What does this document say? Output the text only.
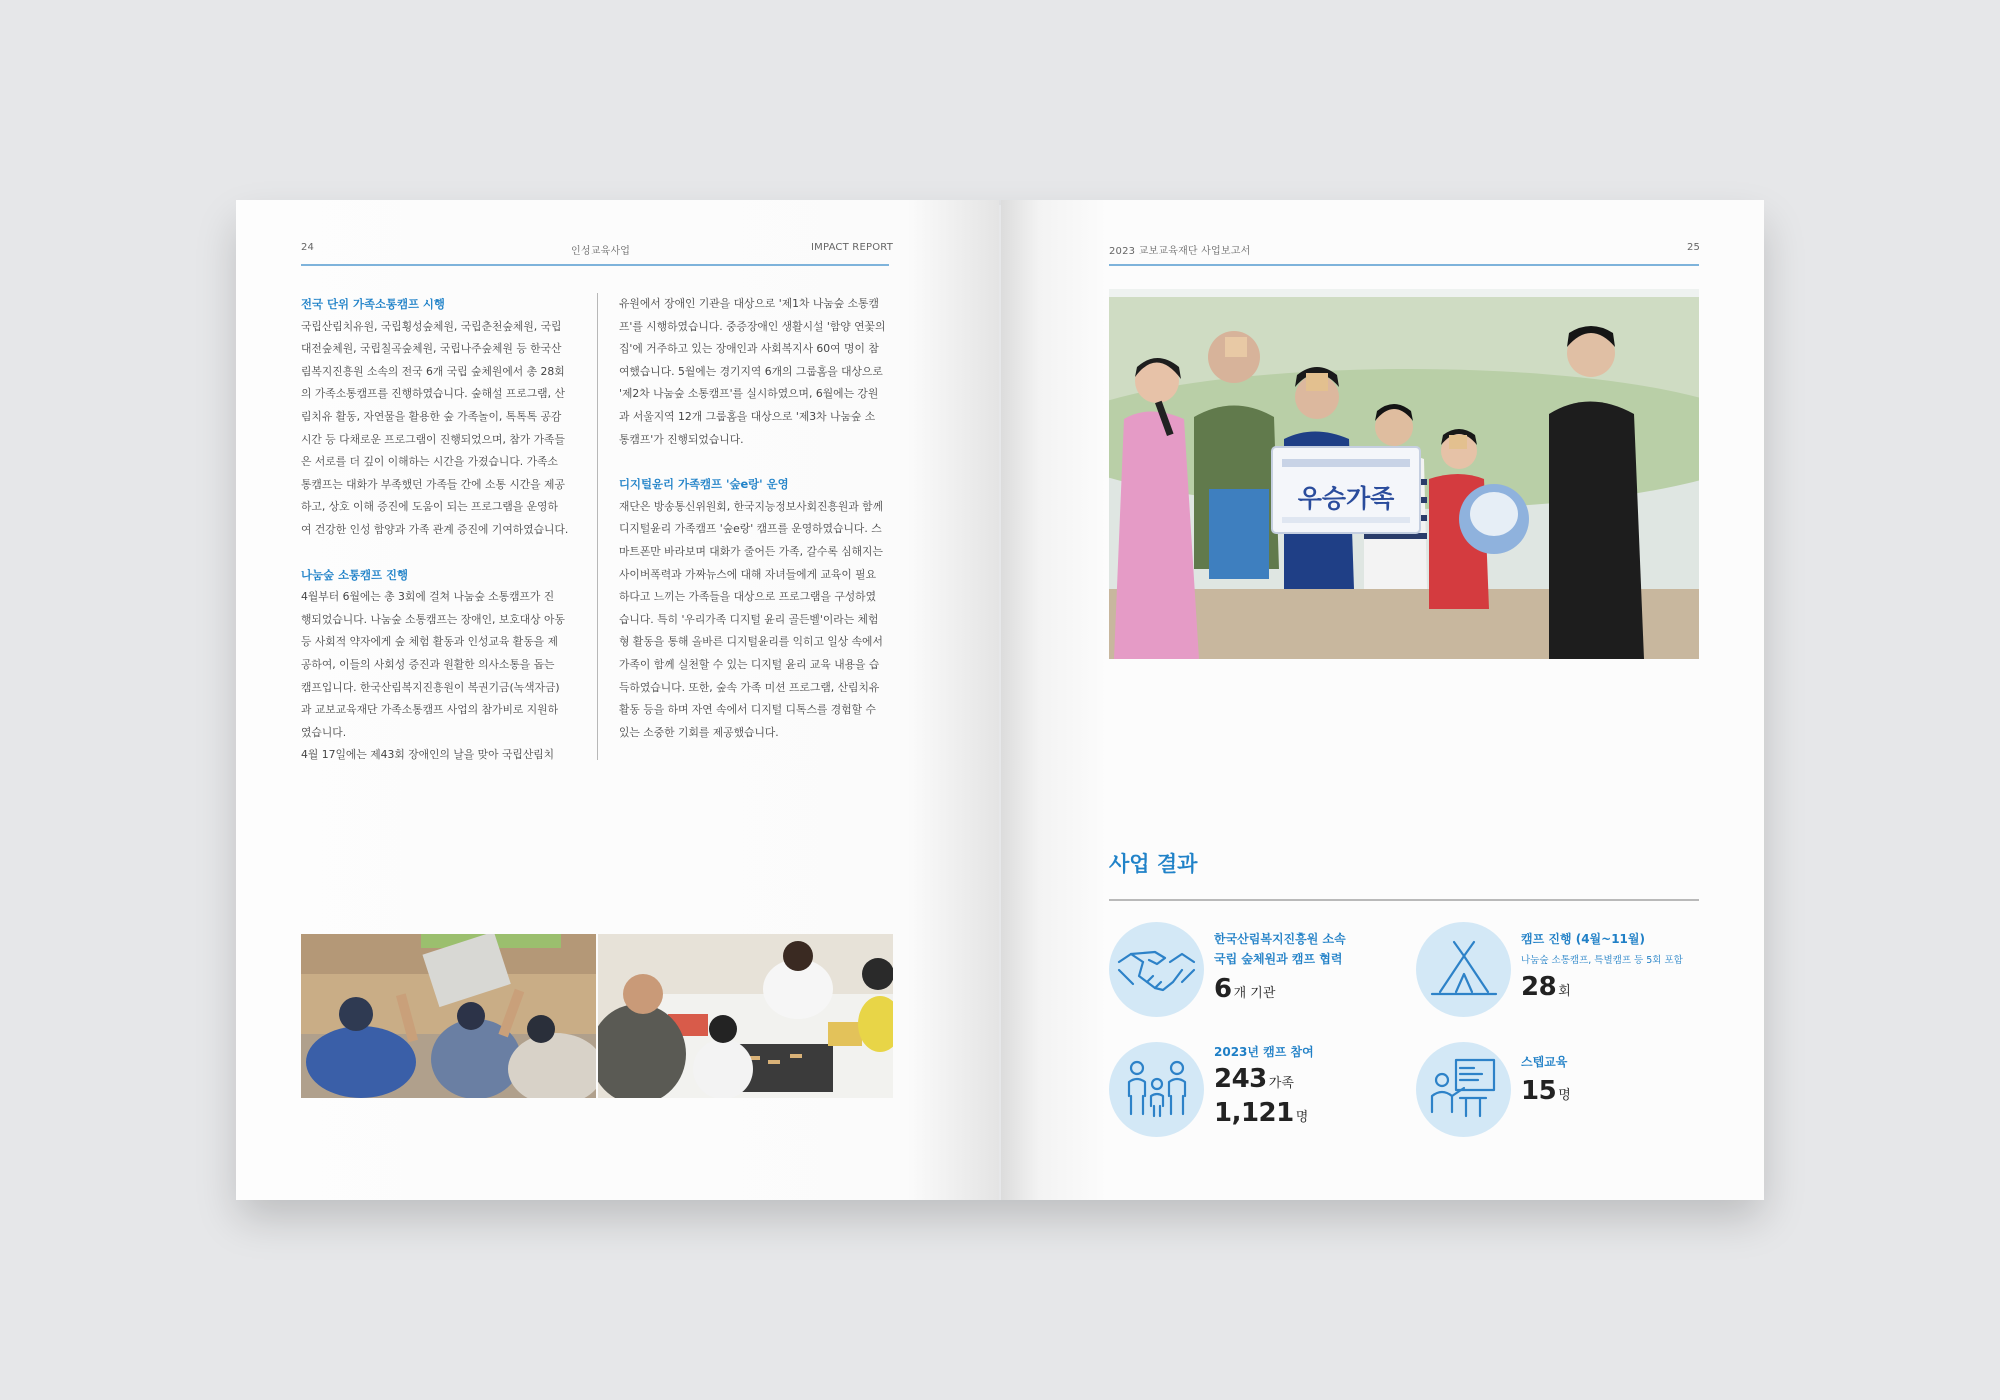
24	인성교육사업	IMPACT REPORT
전국 단위 가족소통캠프 시행

국립산림치유원, 국립횡성숲체원, 국립춘천숲체원, 국립

대전숲체원, 국립칠곡숲체원, 국립나주숲체원 등 한국산

림복지진흥원 소속의 전국 6개 국립 숲체원에서 총 28회

의 가족소통캠프를 진행하였습니다. 숲해설 프로그램, 산

림치유 활동, 자연물을 활용한 숲 가족놀이, 톡톡톡 공감

시간 등 다채로운 프로그램이 진행되었으며, 참가 가족들

은 서로를 더 깊이 이해하는 시간을 가졌습니다. 가족소

통캠프는 대화가 부족했던 가족들 간에 소통 시간을 제공

하고, 상호 이해 증진에 도움이 되는 프로그램을 운영하

여 건강한 인성 함양과 가족 관계 증진에 기여하였습니다.

나눔숲 소통캠프 진행

4월부터 6월에는 총 3회에 걸쳐 나눔숲 소통캠프가 진

행되었습니다. 나눔숲 소통캠프는 장애인, 보호대상 아동

등 사회적 약자에게 숲 체험 활동과 인성교육 활동을 제

공하여, 이들의 사회성 증진과 원활한 의사소통을 돕는

캠프입니다. 한국산림복지진흥원이 복권기금(녹색자금)

과 교보교육재단 가족소통캠프 사업의 참가비로 지원하

였습니다.

4월 17일에는 제43회 장애인의 날을 맞아 국립산림치

유원에서 장애인 기관을 대상으로 '제1차 나눔숲 소통캠

프'를 시행하였습니다. 중증장애인 생활시설 '함양 연꽃의

집'에 거주하고 있는 장애인과 사회복지사 60여 명이 참

여했습니다. 5월에는 경기지역 6개의 그룹홈을 대상으로

'제2차 나눔숲 소통캠프'를 실시하였으며, 6월에는 강원

과 서울지역 12개 그룹홈을 대상으로 '제3차 나눔숲 소

통캠프'가 진행되었습니다.

디지털윤리 가족캠프 '숲e랑' 운영

재단은 방송통신위원회, 한국지능정보사회진흥원과 함께

디지털윤리 가족캠프 '숲e랑' 캠프를 운영하였습니다. 스

마트폰만 바라보며 대화가 줄어든 가족, 갈수록 심해지는

사이버폭력과 가짜뉴스에 대해 자녀들에게 교육이 필요

하다고 느끼는 가족들을 대상으로 프로그램을 구성하였

습니다. 특히 '우리가족 디지털 윤리 골든벨'이라는 체험

형 활동을 통해 올바른 디지털윤리를 익히고 일상 속에서

가족이 함께 실천할 수 있는 디지털 윤리 교육 내용을 습

득하였습니다. 또한, 숲속 가족 미션 프로그램, 산림치유

활동 등을 하며 자연 속에서 디지털 디톡스를 경험할 수

있는 소중한 기회를 제공했습니다.

2023 교보교육재단 사업보고서	25
우승가족
사업 결과
한국산림복지진흥원 소속
국립 숲체원과 캠프 협력
6 개 기관
캠프 진행 (4월~11월)
나눔숲 소통캠프, 특별캠프 등 5회 포함
28 회
2023년 캠프 참여
243 가족
1,121 명
스텝교육
15 명
